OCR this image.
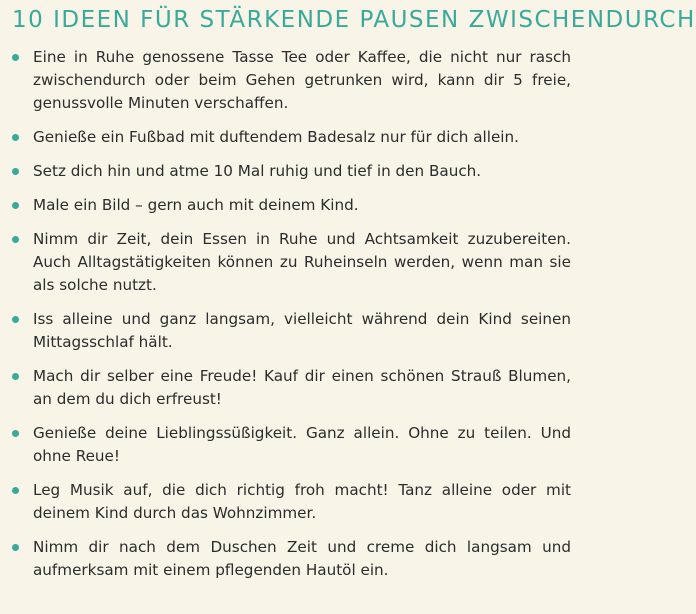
10 IDEEN FÜR STÄRKENDE PAUSEN ZWISCHENDURCH
Eine in Ruhe genossene Tasse Tee oder Kaffee, die nicht nur rasch zwischendurch oder beim Gehen getrunken wird, kann dir 5 freie, genussvolle Minuten verschaffen.
Genieße ein Fußbad mit duftendem Badesalz nur für dich allein.
Setz dich hin und atme 10 Mal ruhig und tief in den Bauch.
Male ein Bild – gern auch mit deinem Kind.
Nimm dir Zeit, dein Essen in Ruhe und Achtsamkeit zuzubereiten. Auch Alltagstätigkeiten können zu Ruheinseln werden, wenn man sie als solche nutzt.
Iss alleine und ganz langsam, vielleicht während dein Kind seinen Mittagsschlaf hält.
Mach dir selber eine Freude! Kauf dir einen schönen Strauß Blumen, an dem du dich erfreust!
Genieße deine Lieblingssüßigkeit. Ganz allein. Ohne zu teilen. Und ohne Reue!
Leg Musik auf, die dich richtig froh macht! Tanz alleine oder mit deinem Kind durch das Wohnzimmer.
Nimm dir nach dem Duschen Zeit und creme dich langsam und aufmerksam mit einem pflegenden Hautöl ein.
